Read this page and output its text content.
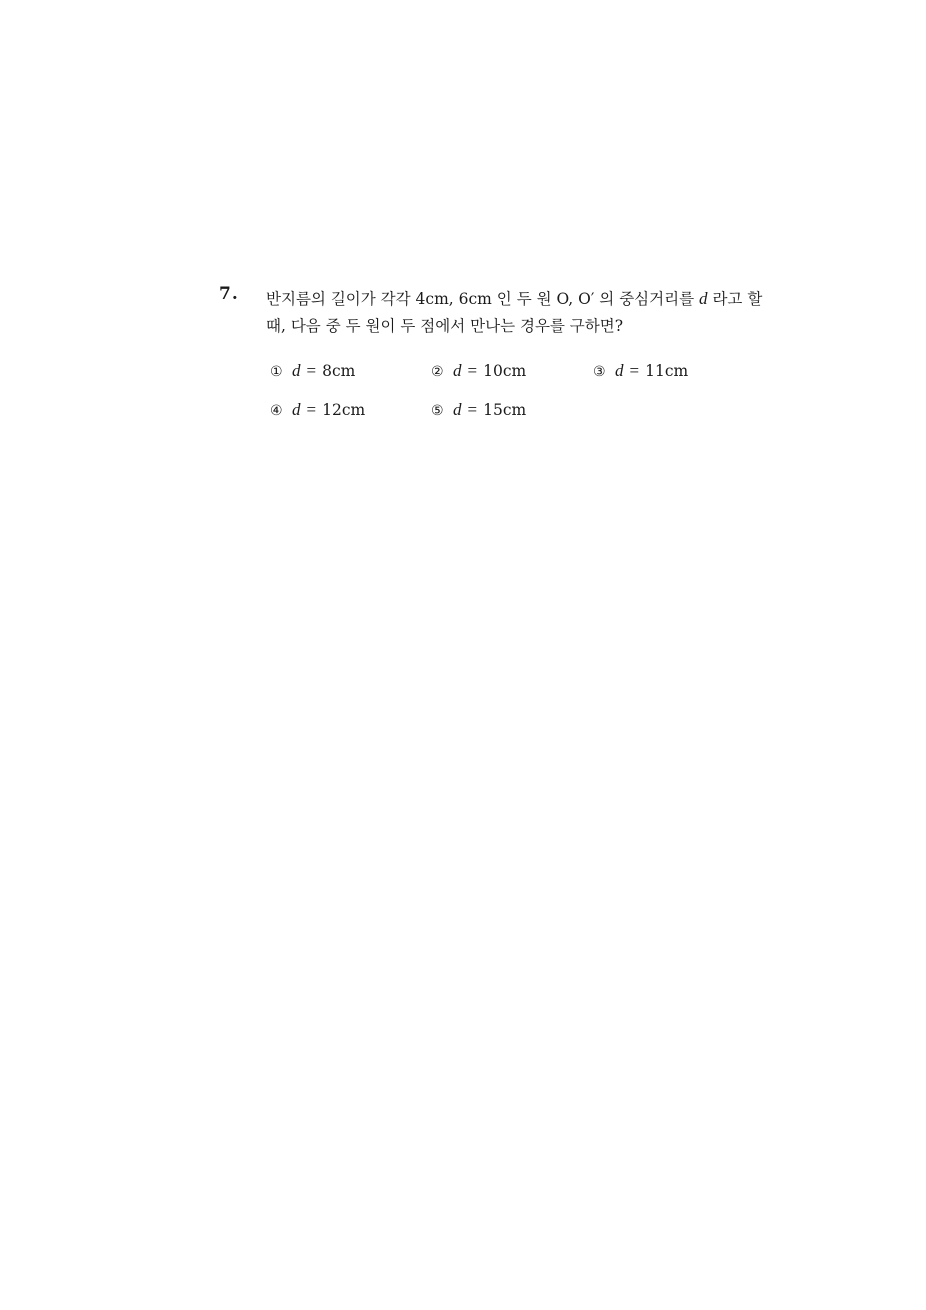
7. 반지름의 길이가 각각 4cm, 6cm 인 두 원 O, O′ 의 중심거리를 d 라고 할
때, 다음 중 두 원이 두 점에서 만나는 경우를 구하면?
① d = 8cm	② d = 10cm	③ d = 11cm
④ d = 12cm	⑤ d = 15cm
